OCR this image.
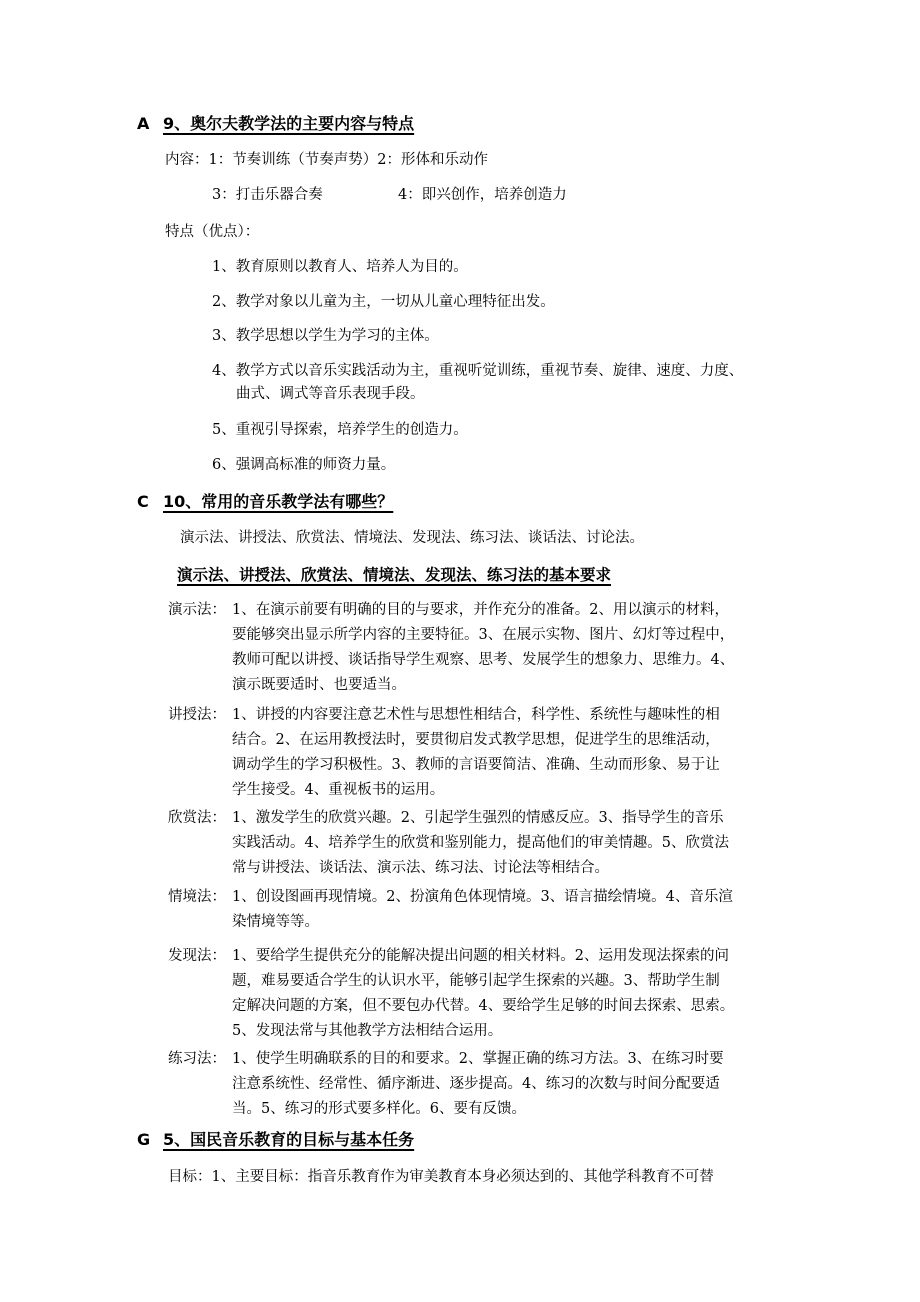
A 9、奥尔夫教学法的主要内容与特点
内容：1：节奏训练（节奏声势）2：形体和乐动作
3：打击乐器合奏	4：即兴创作，培养创造力
特点（优点）：
1、教育原则以教育人、培养人为目的。
2、教学对象以儿童为主，一切从儿童心理特征出发。
3、教学思想以学生为学习的主体。
4、教学方式以音乐实践活动为主，重视听觉训练，重视节奏、旋律、速度、力度、
曲式、调式等音乐表现手段。
5、重视引导探索，培养学生的创造力。
6、强调高标准的师资力量。
C 10、常用的音乐教学法有哪些？
演示法、讲授法、欣赏法、情境法、发现法、练习法、谈话法、讨论法。
演示法、讲授法、欣赏法、情境法、发现法、练习法的基本要求
演示法： 1、在演示前要有明确的目的与要求，并作充分的准备。2、用以演示的材料，
要能够突出显示所学内容的主要特征。3、在展示实物、图片、幻灯等过程中，
教师可配以讲授、谈话指导学生观察、思考、发展学生的想象力、思维力。4、
演示既要适时、也要适当。
讲授法： 1、讲授的内容要注意艺术性与思想性相结合，科学性、系统性与趣味性的相
结合。2、在运用教授法时，要贯彻启发式教学思想，促进学生的思维活动，
调动学生的学习积极性。3、教师的言语要简洁、准确、生动而形象、易于让
学生接受。4、重视板书的运用。
欣赏法： 1、激发学生的欣赏兴趣。2、引起学生强烈的情感反应。3、指导学生的音乐
实践活动。4、培养学生的欣赏和鉴别能力，提高他们的审美情趣。5、欣赏法
常与讲授法、谈话法、演示法、练习法、讨论法等相结合。
情境法： 1、创设图画再现情境。2、扮演角色体现情境。3、语言描绘情境。4、音乐渲
染情境等等。
发现法： 1、要给学生提供充分的能解决提出问题的相关材料。2、运用发现法探索的问
题，难易要适合学生的认识水平，能够引起学生探索的兴趣。3、帮助学生制
定解决问题的方案，但不要包办代替。4、要给学生足够的时间去探索、思索。
5、发现法常与其他教学方法相结合运用。
练习法： 1、使学生明确联系的目的和要求。2、掌握正确的练习方法。3、在练习时要
注意系统性、经常性、循序渐进、逐步提高。4、练习的次数与时间分配要适
当。5、练习的形式要多样化。6、要有反馈。
G 5、国民音乐教育的目标与基本任务
目标：1、主要目标：指音乐教育作为审美教育本身必须达到的、其他学科教育不可替
